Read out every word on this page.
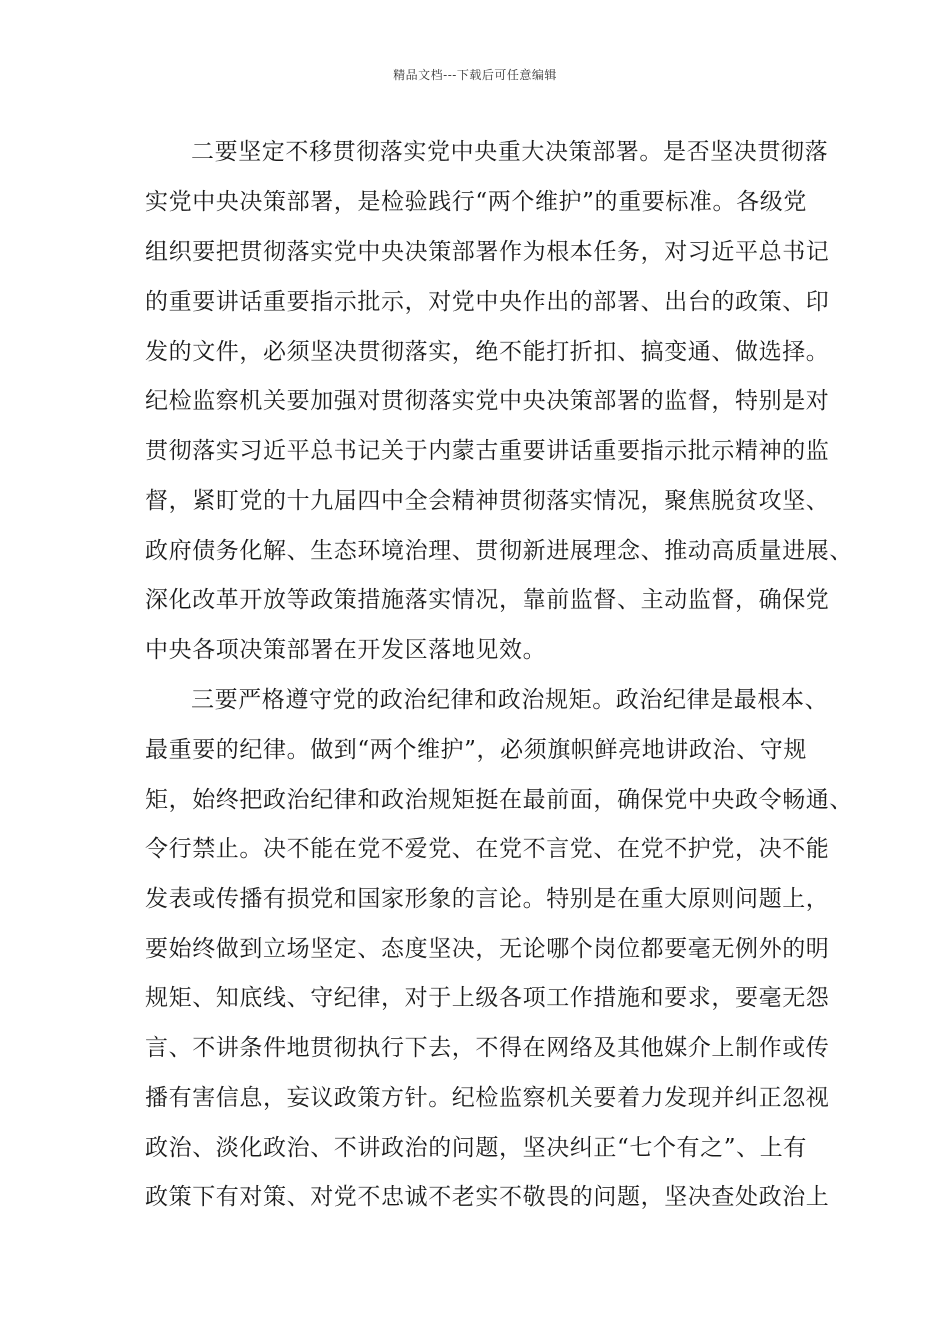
精品文档---下载后可任意编辑
二要坚定不移贯彻落实党中央重大决策部署。是否坚决贯彻落
实党中央决策部署，是检验践行“两个维护”的重要标准。各级党
组织要把贯彻落实党中央决策部署作为根本任务，对习近平总书记
的重要讲话重要指示批示，对党中央作出的部署、出台的政策、印
发的文件，必须坚决贯彻落实，绝不能打折扣、搞变通、做选择。
纪检监察机关要加强对贯彻落实党中央决策部署的监督，特别是对
贯彻落实习近平总书记关于内蒙古重要讲话重要指示批示精神的监
督，紧盯党的十九届四中全会精神贯彻落实情况，聚焦脱贫攻坚、
政府债务化解、生态环境治理、贯彻新进展理念、推动高质量进展、
深化改革开放等政策措施落实情况，靠前监督、主动监督，确保党
中央各项决策部署在开发区落地见效。
三要严格遵守党的政治纪律和政治规矩。政治纪律是最根本、
最重要的纪律。做到“两个维护”，必须旗帜鲜亮地讲政治、守规
矩，始终把政治纪律和政治规矩挺在最前面，确保党中央政令畅通、
令行禁止。决不能在党不爱党、在党不言党、在党不护党，决不能
发表或传播有损党和国家形象的言论。特别是在重大原则问题上，
要始终做到立场坚定、态度坚决，无论哪个岗位都要毫无例外的明
规矩、知底线、守纪律，对于上级各项工作措施和要求，要毫无怨
言、不讲条件地贯彻执行下去，不得在网络及其他媒介上制作或传
播有害信息，妄议政策方针。纪检监察机关要着力发现并纠正忽视
政治、淡化政治、不讲政治的问题，坚决纠正“七个有之”、上有
政策下有对策、对党不忠诚不老实不敬畏的问题，坚决查处政治上
